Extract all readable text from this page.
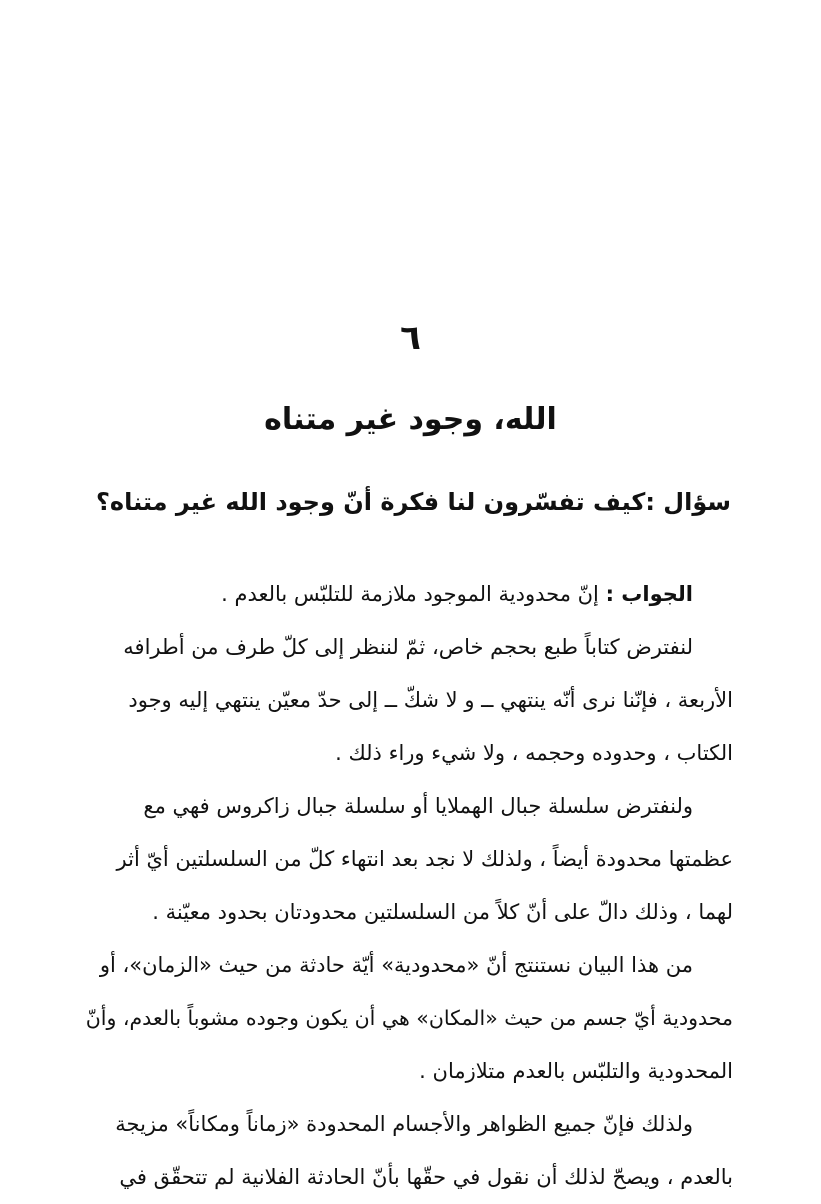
٦
الله، وجود غير متناه
سؤال :كيف تفسّرون لنا فكرة أنّ وجود الله غير متناه؟

الجواب : إنّ محدودية الموجود ملازمة للتلبّس بالعدم .

لنفترض كتاباً طبع بحجم خاص، ثمّ لننظر إلى كلّ طرف من أطرافه

الأربعة ، فإنّنا نرى أنّه ينتهي ــ و لا شكّ ــ إلى حدّ معيّن ينتهي إليه وجود

الكتاب ، وحدوده وحجمه ، ولا شيء وراء ذلك .

ولنفترض سلسلة جبال الهملايا أو سلسلة جبال زاكروس فهي مع

عظمتها محدودة أيضاً ، ولذلك لا نجد بعد انتهاء كلّ من السلسلتين أيّ أثر

لهما ، وذلك دالّ على أنّ كلاً من السلسلتين محدودتان بحدود معيّنة .

من هذا البيان نستنتج أنّ «محدودية» أيّة حادثة من حيث «الزمان»، أو

محدودية أيّ جسم من حيث «المكان» هي أن يكون وجوده مشوباً بالعدم، وأنّ

المحدودية والتلبّس بالعدم متلازمان .

ولذلك فإنّ جميع الظواهر والأجسام المحدودة «زماناً ومكاناً» مزيجة

بالعدم ، ويصحّ لذلك أن نقول في حقّها بأنّ الحادثة الفلانية لم تتحقّق في
